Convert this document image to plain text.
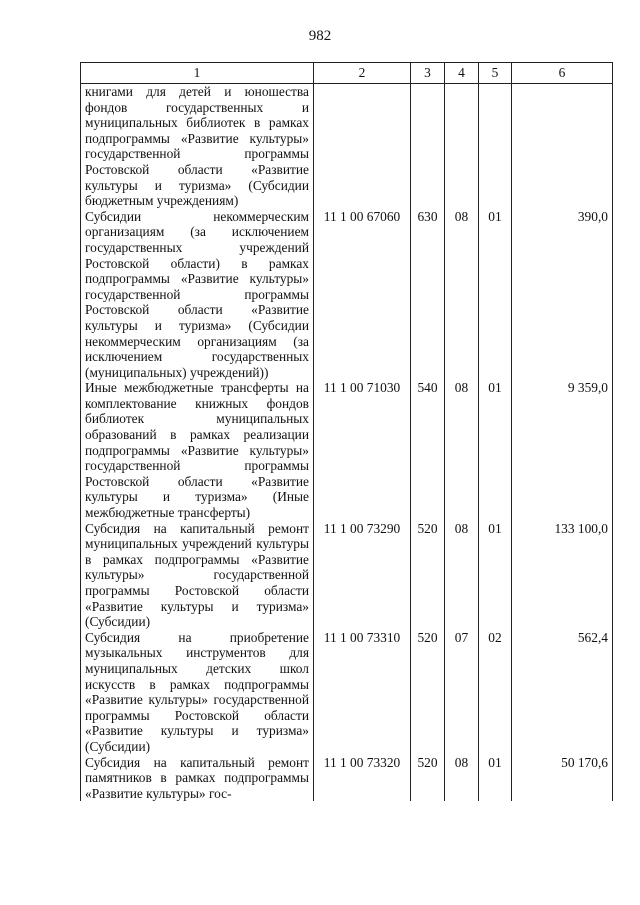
982
1	2	3	4	5	6
книгами для детей и юношества фондов государственных и муниципальных библиотек в рамках подпрограммы «Развитие культуры» государственной программы Ростовской области «Развитие культуры и туризма» (Субсидии бюджетным учреждениям)					
Субсидии некоммерческим организациям (за исключением государственных учреждений Ростовской области) в рамках подпрограммы «Развитие культуры» государственной программы Ростовской области «Развитие культуры и туризма» (Субсидии некоммерческим организациям (за исключением государственных (муниципальных) учреждений))	11 1 00 67060	630	08	01	390,0
Иные межбюджетные трансферты на комплектование книжных фондов библиотек муниципальных образований в рамках реализации подпрограммы «Развитие культуры» государственной программы Ростовской области «Развитие культуры и туризма» (Иные межбюджетные трансферты)	11 1 00 71030	540	08	01	9 359,0
Субсидия на капитальный ремонт муниципальных учреждений культуры в рамках подпрограммы «Развитие культуры» государственной программы Ростовской области «Развитие культуры и туризма» (Субсидии)	11 1 00 73290	520	08	01	133 100,0
Субсидия на приобретение музыкальных инструментов для муниципальных детских школ искусств в рамках подпрограммы «Развитие культуры» государственной программы Ростовской области «Развитие культуры и туризма» (Субсидии)	11 1 00 73310	520	07	02	562,4
Субсидия на капитальный ремонт памятников в рамках подпрограммы «Развитие культуры» гос-	11 1 00 73320	520	08	01	50 170,6
